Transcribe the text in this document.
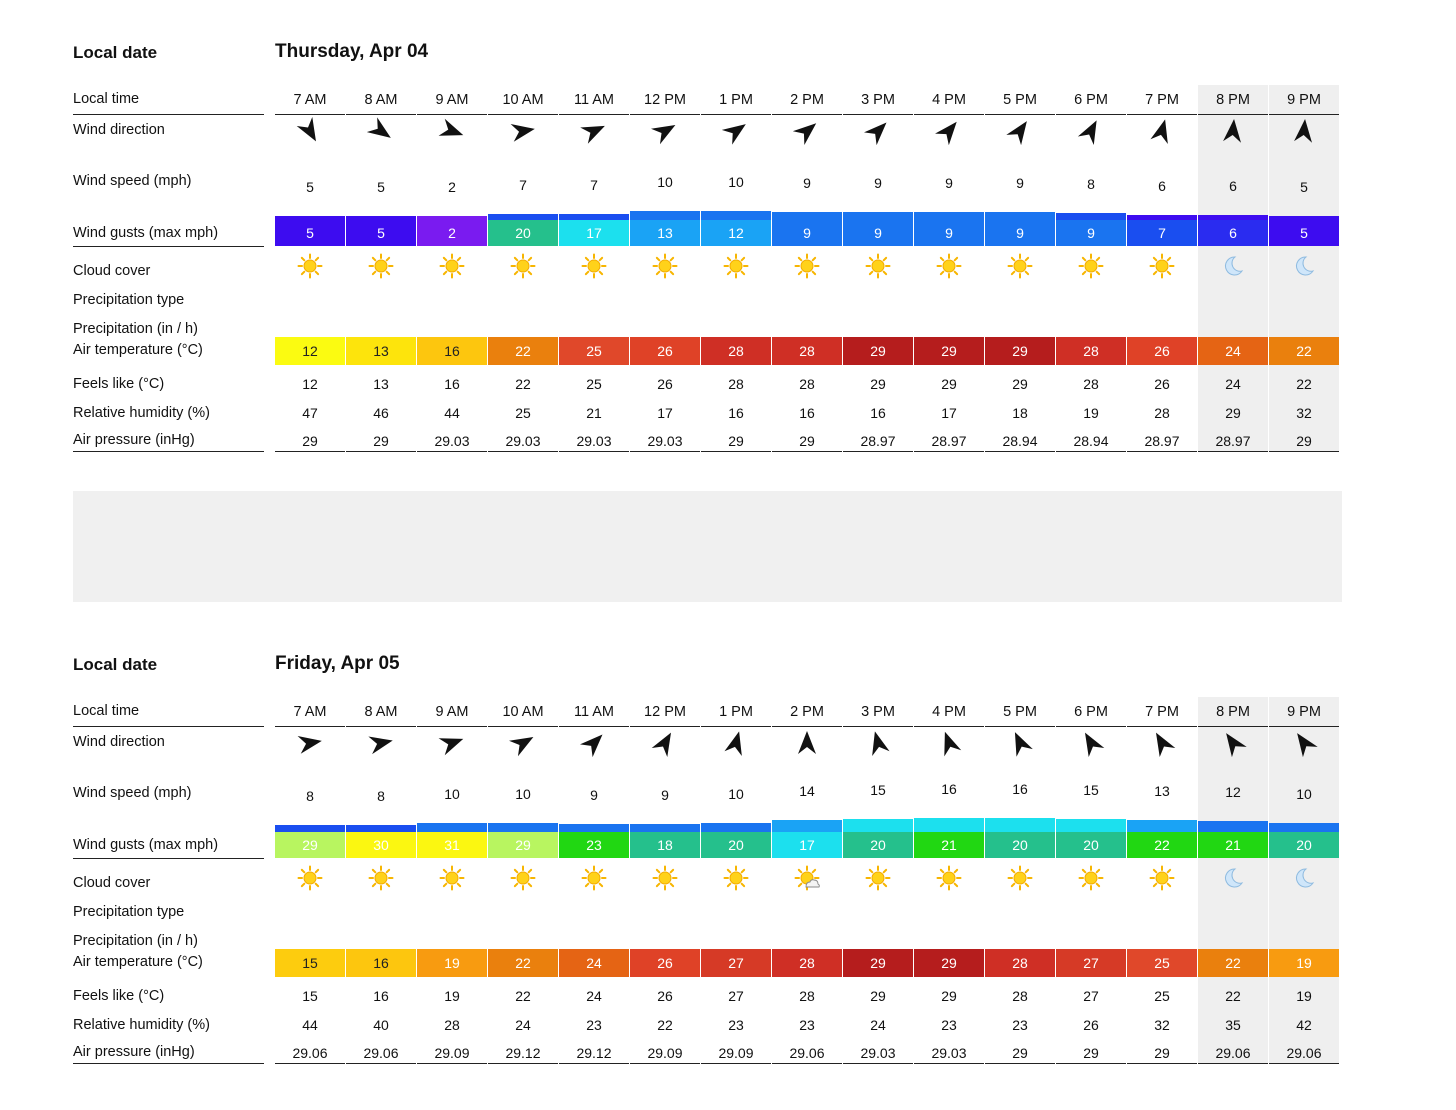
Local date	Thursday, Apr 04
Local time
Wind direction
Wind speed (mph)
Wind gusts (max mph)
Cloud cover
Precipitation type
Precipitation (in / h)
Air temperature (°C)
Feels like (°C)
Relative humidity (%)
Air pressure (inHg)
7 AM
5
5
12
12
47
29
8 AM
5
5
13
13
46
29
9 AM
2
2
16
16
44
29.03
10 AM
7
20
22
22
25
29.03
11 AM
7
17
25
25
21
29.03
12 PM
10
13
26
26
17
29.03
1 PM
10
12
28
28
16
29
2 PM
9
9
28
28
16
29
3 PM
9
9
29
29
16
28.97
4 PM
9
9
29
29
17
28.97
5 PM
9
9
29
29
18
28.94
6 PM
8
9
28
28
19
28.94
7 PM
6
7
26
26
28
28.97
8 PM
6
6
24
24
29
28.97
9 PM
5
5
22
22
32
29
Local date	Friday, Apr 05
Local time
Wind direction
Wind speed (mph)
Wind gusts (max mph)
Cloud cover
Precipitation type
Precipitation (in / h)
Air temperature (°C)
Feels like (°C)
Relative humidity (%)
Air pressure (inHg)
7 AM
8
29
15
15
44
29.06
8 AM
8
30
16
16
40
29.06
9 AM
10
31
19
19
28
29.09
10 AM
10
29
22
22
24
29.12
11 AM
9
23
24
24
23
29.12
12 PM
9
18
26
26
22
29.09
1 PM
10
20
27
27
23
29.09
2 PM
14
17
28
28
23
29.06
3 PM
15
20
29
29
24
29.03
4 PM
16
21
29
29
23
29.03
5 PM
16
20
28
28
23
29
6 PM
15
20
27
27
26
29
7 PM
13
22
25
25
32
29
8 PM
12
21
22
22
35
29.06
9 PM
10
20
19
19
42
29.06
